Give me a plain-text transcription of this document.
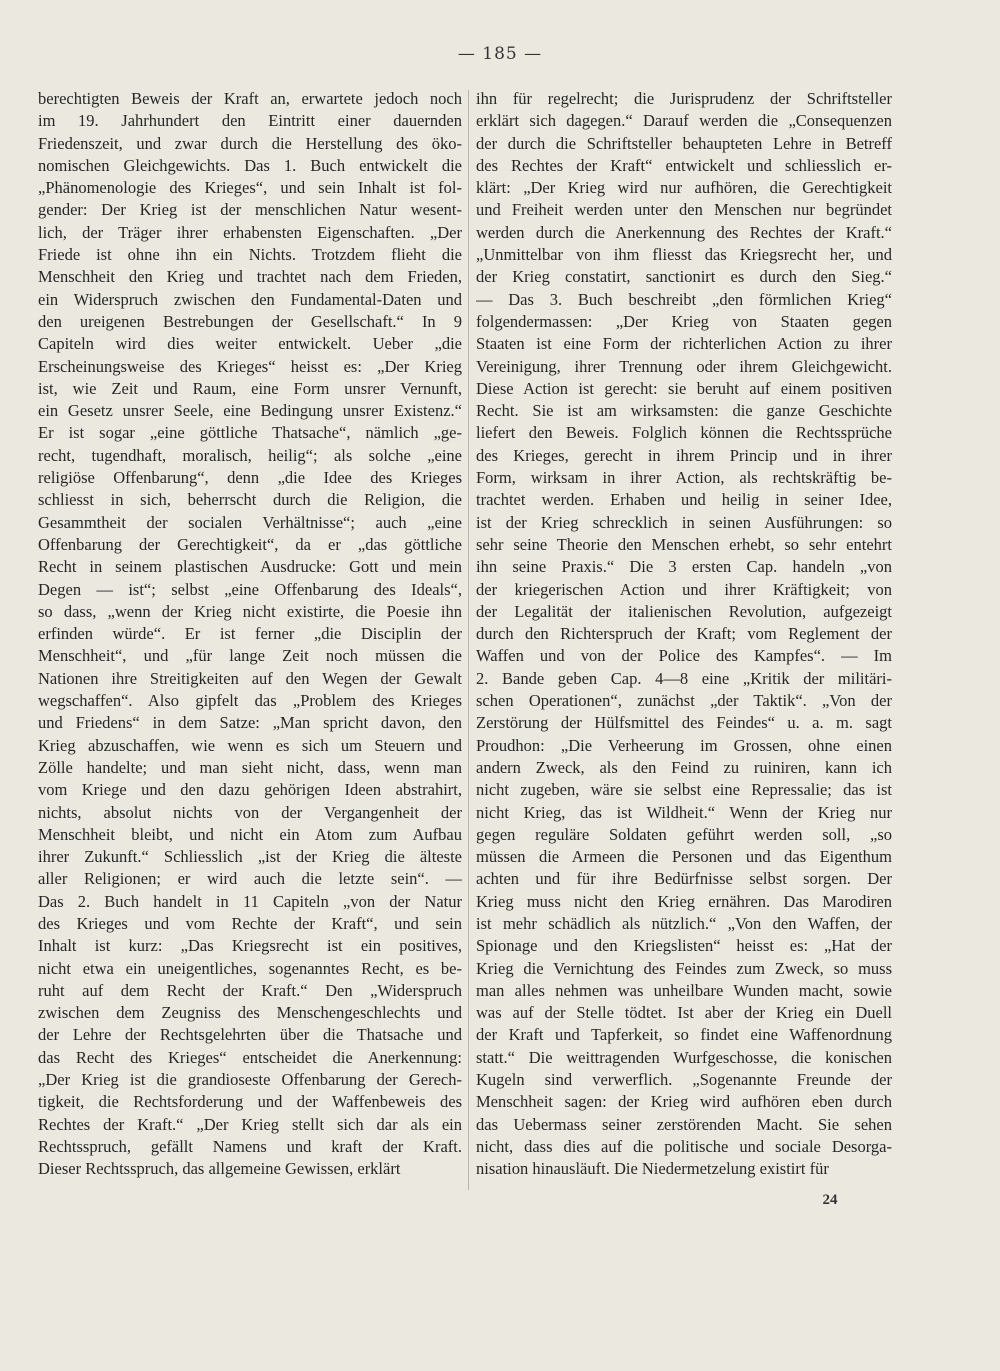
— 185 —
berechtigten Beweis der Kraft an, erwartete jedoch noch
im 19. Jahrhundert den Eintritt einer dauernden
Friedenszeit, und zwar durch die Herstellung des öko-
nomischen Gleichgewichts. Das 1. Buch entwickelt die
„Phänomenologie des Krieges“, und sein Inhalt ist fol-
gender: Der Krieg ist der menschlichen Natur wesent-
lich, der Träger ihrer erhabensten Eigenschaften. „Der
Friede ist ohne ihn ein Nichts. Trotzdem flieht die
Menschheit den Krieg und trachtet nach dem Frieden,
ein Widerspruch zwischen den Fundamental-Daten und
den ureigenen Bestrebungen der Gesellschaft.“ In 9
Capiteln wird dies weiter entwickelt. Ueber „die
Erscheinungsweise des Krieges“ heisst es: „Der Krieg
ist, wie Zeit und Raum, eine Form unsrer Vernunft,
ein Gesetz unsrer Seele, eine Bedingung unsrer Existenz.“
Er ist sogar „eine göttliche Thatsache“, nämlich „ge-
recht, tugendhaft, moralisch, heilig“; als solche „eine
religiöse Offenbarung“, denn „die Idee des Krieges
schliesst in sich, beherrscht durch die Religion, die
Gesammtheit der socialen Verhältnisse“; auch „eine
Offenbarung der Gerechtigkeit“, da er „das göttliche
Recht in seinem plastischen Ausdrucke: Gott und mein
Degen — ist“; selbst „eine Offenbarung des Ideals“,
so dass, „wenn der Krieg nicht existirte, die Poesie ihn
erfinden würde“. Er ist ferner „die Disciplin der
Menschheit“, und „für lange Zeit noch müssen die
Nationen ihre Streitigkeiten auf den Wegen der Gewalt
wegschaffen“. Also gipfelt das „Problem des Krieges
und Friedens“ in dem Satze: „Man spricht davon, den
Krieg abzuschaffen, wie wenn es sich um Steuern und
Zölle handelte; und man sieht nicht, dass, wenn man
vom Kriege und den dazu gehörigen Ideen abstrahirt,
nichts, absolut nichts von der Vergangenheit der
Menschheit bleibt, und nicht ein Atom zum Aufbau
ihrer Zukunft.“ Schliesslich „ist der Krieg die älteste
aller Religionen; er wird auch die letzte sein“. —
Das 2. Buch handelt in 11 Capiteln „von der Natur
des Krieges und vom Rechte der Kraft“, und sein
Inhalt ist kurz: „Das Kriegsrecht ist ein positives,
nicht etwa ein uneigentliches, sogenanntes Recht, es be-
ruht auf dem Recht der Kraft.“ Den „Widerspruch
zwischen dem Zeugniss des Menschengeschlechts und
der Lehre der Rechtsgelehrten über die Thatsache und
das Recht des Krieges“ entscheidet die Anerkennung:
„Der Krieg ist die grandioseste Offenbarung der Gerech-
tigkeit, die Rechtsforderung und der Waffenbeweis des
Rechtes der Kraft.“ „Der Krieg stellt sich dar als ein
Rechtsspruch, gefällt Namens und kraft der Kraft.
Dieser Rechtsspruch, das allgemeine Gewissen, erklärt
ihn für regelrecht; die Jurisprudenz der Schriftsteller
erklärt sich dagegen.“ Darauf werden die „Consequenzen
der durch die Schriftsteller behaupteten Lehre in Betreff
des Rechtes der Kraft“ entwickelt und schliesslich er-
klärt: „Der Krieg wird nur aufhören, die Gerechtigkeit
und Freiheit werden unter den Menschen nur begründet
werden durch die Anerkennung des Rechtes der Kraft.“
„Unmittelbar von ihm fliesst das Kriegsrecht her, und
der Krieg constatirt, sanctionirt es durch den Sieg.“
— Das 3. Buch beschreibt „den förmlichen Krieg“
folgendermassen: „Der Krieg von Staaten gegen
Staaten ist eine Form der richterlichen Action zu ihrer
Vereinigung, ihrer Trennung oder ihrem Gleichgewicht.
Diese Action ist gerecht: sie beruht auf einem positiven
Recht. Sie ist am wirksamsten: die ganze Geschichte
liefert den Beweis. Folglich können die Rechtssprüche
des Krieges, gerecht in ihrem Princip und in ihrer
Form, wirksam in ihrer Action, als rechtskräftig be-
trachtet werden. Erhaben und heilig in seiner Idee,
ist der Krieg schrecklich in seinen Ausführungen: so
sehr seine Theorie den Menschen erhebt, so sehr entehrt
ihn seine Praxis.“ Die 3 ersten Cap. handeln „von
der kriegerischen Action und ihrer Kräftigkeit; von
der Legalität der italienischen Revolution, aufgezeigt
durch den Richterspruch der Kraft; vom Reglement der
Waffen und von der Police des Kampfes“. — Im
2. Bande geben Cap. 4—8 eine „Kritik der militäri-
schen Operationen“, zunächst „der Taktik“. „Von der
Zerstörung der Hülfsmittel des Feindes“ u. a. m. sagt
Proudhon: „Die Verheerung im Grossen, ohne einen
andern Zweck, als den Feind zu ruiniren, kann ich
nicht zugeben, wäre sie selbst eine Repressalie; das ist
nicht Krieg, das ist Wildheit.“ Wenn der Krieg nur
gegen reguläre Soldaten geführt werden soll, „so
müssen die Armeen die Personen und das Eigenthum
achten und für ihre Bedürfnisse selbst sorgen. Der
Krieg muss nicht den Krieg ernähren. Das Marodiren
ist mehr schädlich als nützlich.“ „Von den Waffen, der
Spionage und den Kriegslisten“ heisst es: „Hat der
Krieg die Vernichtung des Feindes zum Zweck, so muss
man alles nehmen was unheilbare Wunden macht, sowie
was auf der Stelle tödtet. Ist aber der Krieg ein Duell
der Kraft und Tapferkeit, so findet eine Waffenordnung
statt.“ Die weittragenden Wurfgeschosse, die konischen
Kugeln sind verwerflich. „Sogenannte Freunde der
Menschheit sagen: der Krieg wird aufhören eben durch
das Uebermass seiner zerstörenden Macht. Sie sehen
nicht, dass dies auf die politische und sociale Desorga-
nisation hinausläuft. Die Niedermetzelung existirt für
24
